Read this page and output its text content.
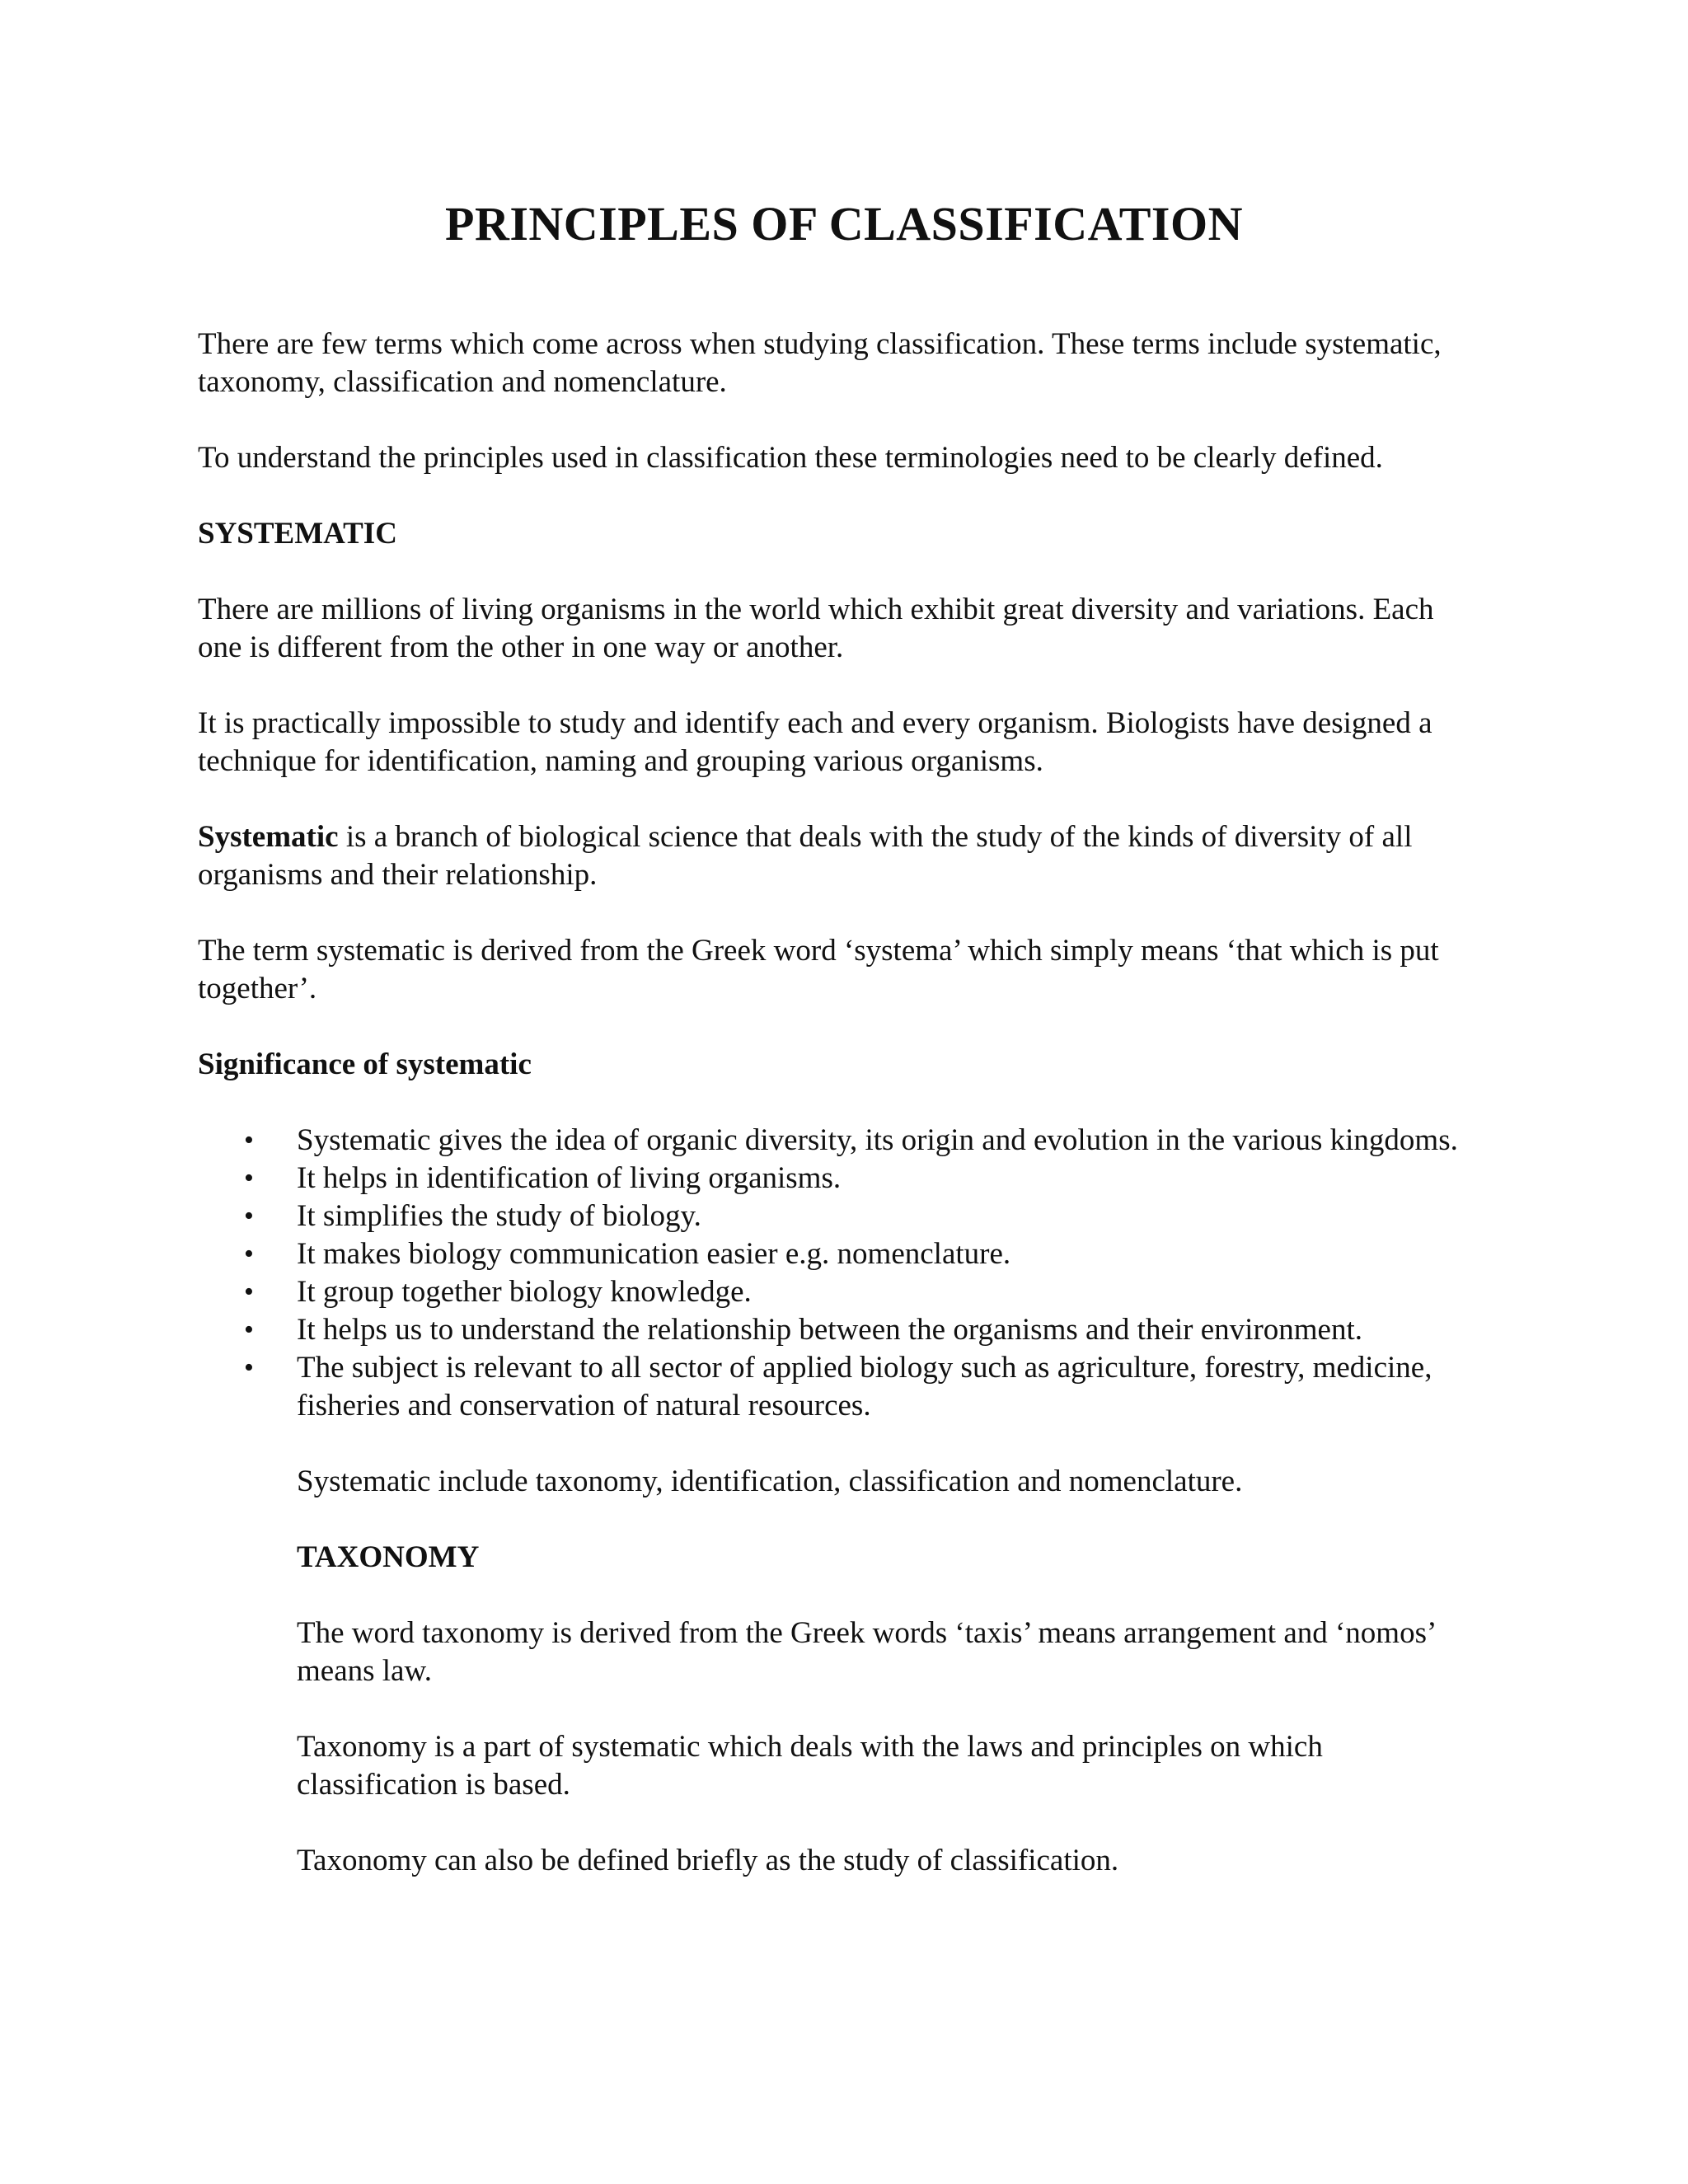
PRINCIPLES OF CLASSIFICATION

There are few terms which come across when studying classification. These terms include systematic, taxonomy, classification and nomenclature.

To understand the principles used in classification these terminologies need to be clearly defined.

SYSTEMATIC

There are millions of living organisms in the world which exhibit great diversity and variations. Each one is different from the other in one way or another.

It is practically impossible to study and identify each and every organism. Biologists have designed a technique for identification, naming and grouping various organisms.

Systematic is a branch of biological science that deals with the study of the kinds of diversity of all organisms and their relationship.

The term systematic is derived from the Greek word ‘systema’ which simply means ‘that which is put together’.

Significance of systematic
• Systematic gives the idea of organic diversity, its origin and evolution in the various kingdoms.
• It helps in identification of living organisms.
• It simplifies the study of biology.
• It makes biology communication easier e.g. nomenclature.
• It group together biology knowledge.
• It helps us to understand the relationship between the organisms and their environment.
• The subject is relevant to all sector of applied biology such as agriculture, forestry, medicine, fisheries and conservation of natural resources.

Systematic include taxonomy, identification, classification and nomenclature.

TAXONOMY

The word taxonomy is derived from the Greek words ‘taxis’ means arrangement and ‘nomos’ means law.

Taxonomy is a part of systematic which deals with the laws and principles on which classification is based.

Taxonomy can also be defined briefly as the study of classification.
